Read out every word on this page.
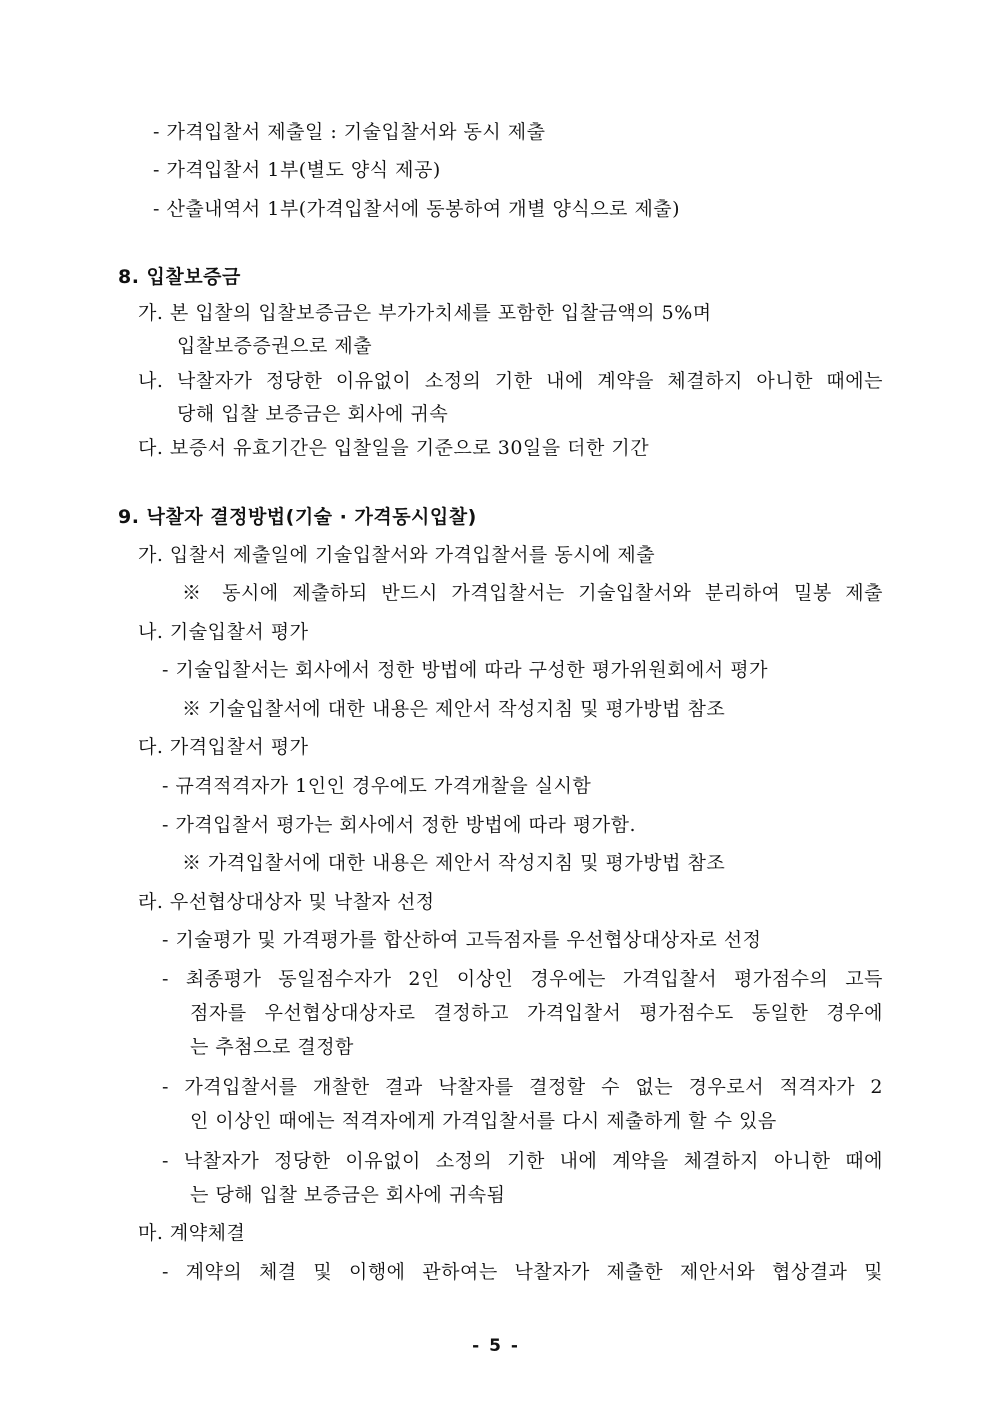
- 가격입찰서 제출일 : 기술입찰서와 동시 제출
- 가격입찰서 1부(별도 양식 제공)
- 산출내역서 1부(가격입찰서에 동봉하여 개별 양식으로 제출)
8. 입찰보증금
가. 본 입찰의 입찰보증금은 부가가치세를 포함한 입찰금액의 5%며
입찰보증증권으로 제출
나. 낙찰자가 정당한 이유없이 소정의 기한 내에 계약을 체결하지 아니한 때에는
당해 입찰 보증금은 회사에 귀속
다. 보증서 유효기간은 입찰일을 기준으로 30일을 더한 기간
9. 낙찰자 결정방법(기술 · 가격동시입찰)
가. 입찰서 제출일에 기술입찰서와 가격입찰서를 동시에 제출
※ 동시에 제출하되 반드시 가격입찰서는 기술입찰서와 분리하여 밀봉 제출
나. 기술입찰서 평가
- 기술입찰서는 회사에서 정한 방법에 따라 구성한 평가위원회에서 평가
※ 기술입찰서에 대한 내용은 제안서 작성지침 및 평가방법 참조
다. 가격입찰서 평가
- 규격적격자가 1인인 경우에도 가격개찰을 실시함
- 가격입찰서 평가는 회사에서 정한 방법에 따라 평가함.
※ 가격입찰서에 대한 내용은 제안서 작성지침 및 평가방법 참조
라. 우선협상대상자 및 낙찰자 선정
- 기술평가 및 가격평가를 합산하여 고득점자를 우선협상대상자로 선정
- 최종평가 동일점수자가 2인 이상인 경우에는 가격입찰서 평가점수의 고득
점자를 우선협상대상자로 결정하고 가격입찰서 평가점수도 동일한 경우에
는 추첨으로 결정함
- 가격입찰서를 개찰한 결과 낙찰자를 결정할 수 없는 경우로서 적격자가 2
인 이상인 때에는 적격자에게 가격입찰서를 다시 제출하게 할 수 있음
- 낙찰자가 정당한 이유없이 소정의 기한 내에 계약을 체결하지 아니한 때에
는 당해 입찰 보증금은 회사에 귀속됨
마. 계약체결
- 계약의 체결 및 이행에 관하여는 낙찰자가 제출한 제안서와 협상결과 및
- 5 -
